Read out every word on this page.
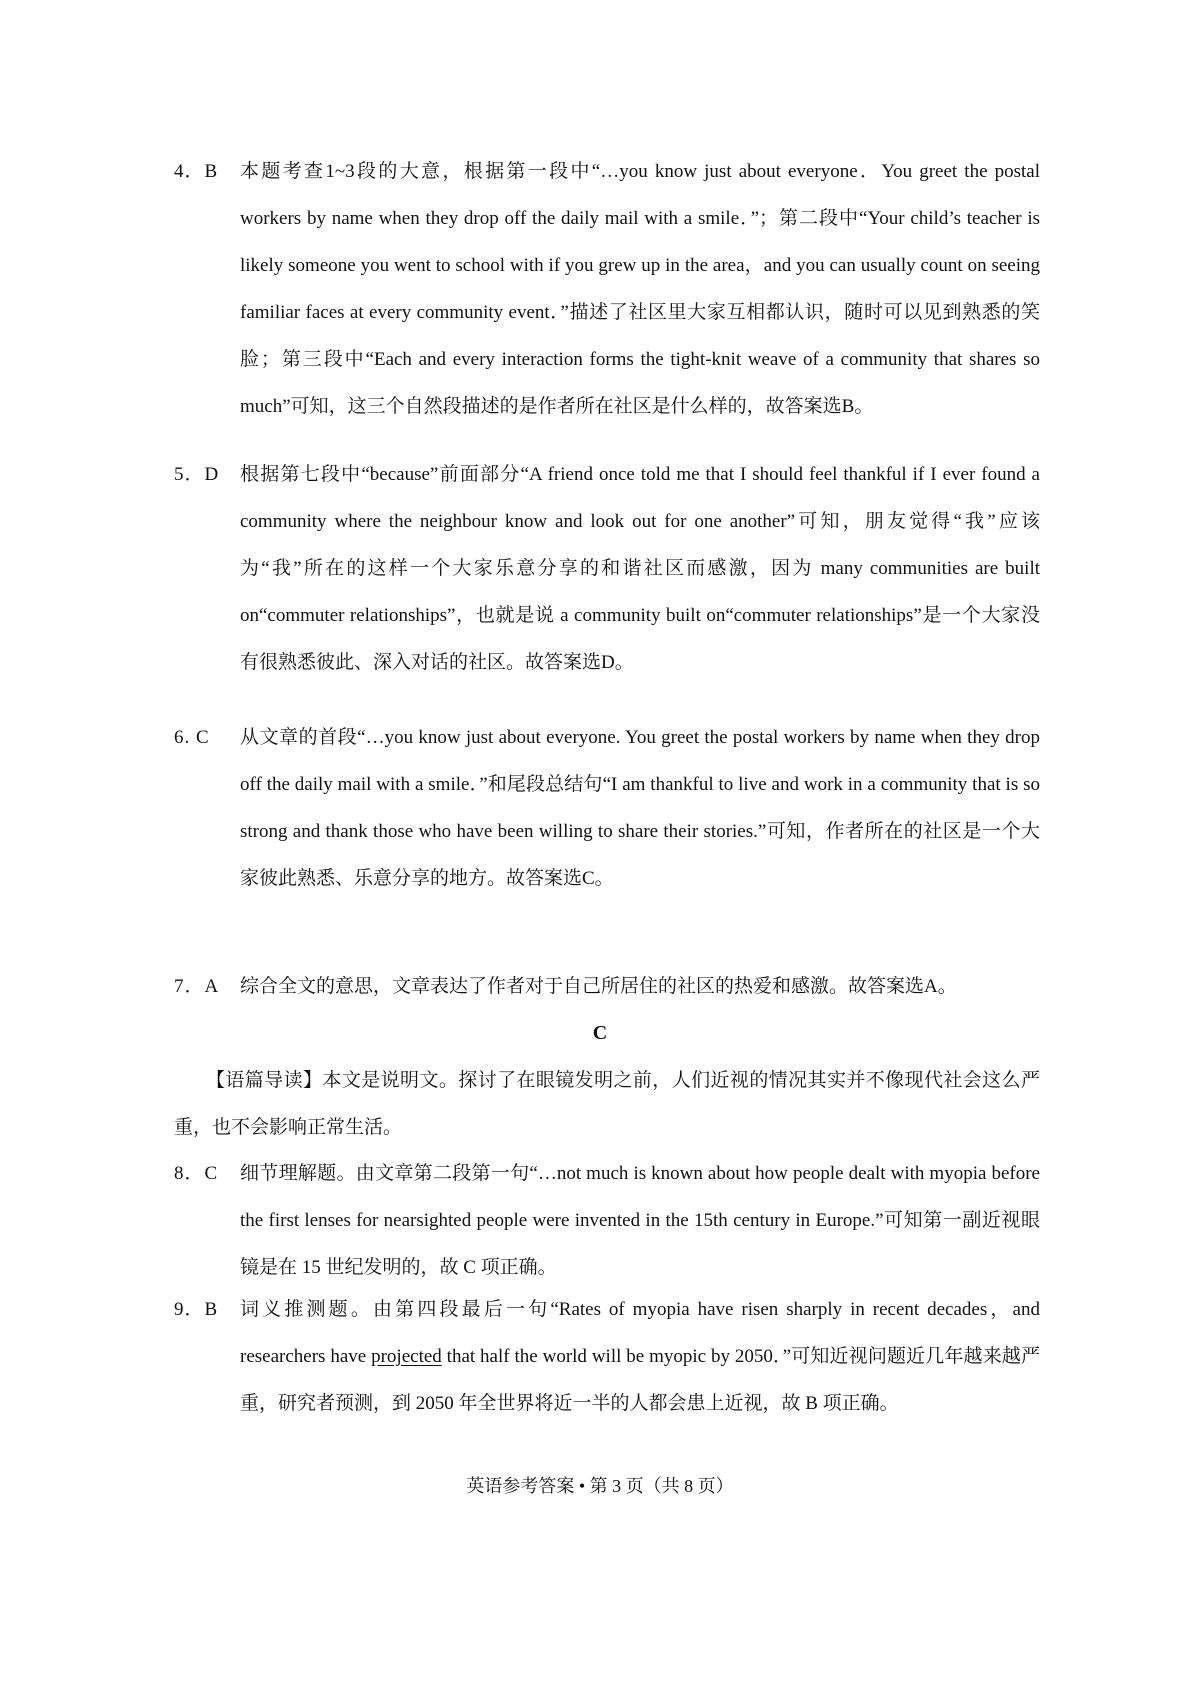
4．B	本题考查1~3段的大意，根据第一段中“…you know just about everyone．You greet the postal workers by name when they drop off the daily mail with a smile．”；第二段中“Your child’s teacher is likely someone you went to school with if you grew up in the area，and you can usually count on seeing familiar faces at every community event．”描述了社区里大家互相都认识，随时可以见到熟悉的笑脸；第三段中“Each and every interaction forms the tight-knit weave of a community that shares so much”可知，这三个自然段描述的是作者所在社区是什么样的，故答案选B。
5．D	根据第七段中“because”前面部分“A friend once told me that I should feel thankful if I ever found a community where the neighbour know and look out for one another”可知，朋友觉得“我”应该为“我”所在的这样一个大家乐意分享的和谐社区而感激，因为 many communities are built on“commuter relationships”，也就是说 a community built on“commuter relationships”是一个大家没有很熟悉彼此、深入对话的社区。故答案选D。
6. C	从文章的首段“…you know just about everyone. You greet the postal workers by name when they drop off the daily mail with a smile．”和尾段总结句“I am thankful to live and work in a community that is so strong and thank those who have been willing to share their stories.”可知，作者所在的社区是一个大家彼此熟悉、乐意分享的地方。故答案选C。
7．A	综合全文的意思，文章表达了作者对于自己所居住的社区的热爱和感激。故答案选A。
C
【语篇导读】本文是说明文。探讨了在眼镜发明之前，人们近视的情况其实并不像现代社会这么严重，也不会影响正常生活。
8．C	细节理解题。由文章第二段第一句“…not much is known about how people dealt with myopia before the first lenses for nearsighted people were invented in the 15th century in Europe.”可知第一副近视眼镜是在 15 世纪发明的，故 C 项正确。
9．B	词义推测题。由第四段最后一句“Rates of myopia have risen sharply in recent decades，and researchers have projected that half the world will be myopic by 2050．”可知近视问题近几年越来越严重，研究者预测，到 2050 年全世界将近一半的人都会患上近视，故 B 项正确。
英语参考答案 • 第 3 页（共 8 页）
